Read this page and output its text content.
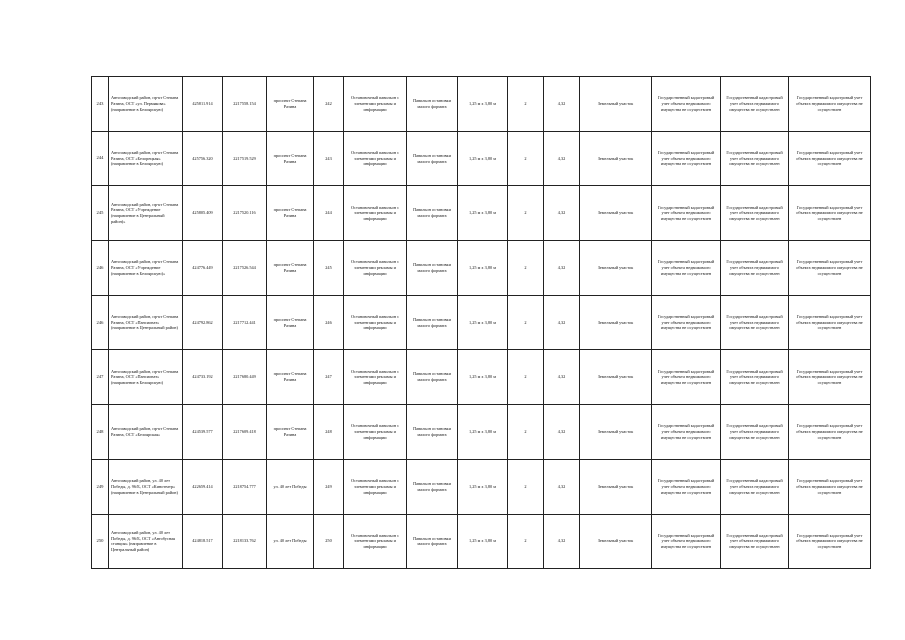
243	Автозаводский район, пр-кт Степана Разина, ОСТ «ул. Пермякова» (направление в Белоярскую)	425811.914	2217558.154	проспект Степана Разина	242	Остановочный павильон с элементами рекламы и информации	Павильон остановки малого формата	1,25 м х 3,80 м	2	4,32	Земельный участок	Государственный кадастровый учет объекта недвижимого имущества не осуществлен	Государственный кадастровый учет объекта недвижимого имущества не осуществлен	Государственный кадастровый учет объекта недвижимого имущества не осуществлен
244	Автозаводский район, пр-кт Степана Разина, ОСТ «Белорецкая» (направление в Белоярскую)	425756.320	2217519.529	проспект Степана Разина	243	Остановочный павильон с элементами рекламы и информации	Павильон остановки малого формата	1,25 м х 3,80 м	2	4,32	Земельный участок	Государственный кадастровый учет объекта недвижимого имущества не осуществлен	Государственный кадастровый учет объекта недвижимого имущества не осуществлен	Государственный кадастровый учет объекта недвижимого имущества не осуществлен
245	Автозаводский район, пр-кт Степана Разина, ОСТ «Учреждение (направление в Центральный район)»	425805.409	2217520.116	проспект Степана Разина	244	Остановочный павильон с элементами рекламы и информации	Павильон остановки малого формата	1,25 м х 3,80 м	2	4,32	Земельный участок	Государственный кадастровый учет объекта недвижимого имущества не осуществлен	Государственный кадастровый учет объекта недвижимого имущества не осуществлен	Государственный кадастровый учет объекта недвижимого имущества не осуществлен
246	Автозаводский район, пр-кт Степана Разина, ОСТ «Учреждение (направление в Белоярскую)»	424776.449	2217526.544	проспект Степана Разина	245	Остановочный павильон с элементами рекламы и информации	Павильон остановки малого формата	1,25 м х 3,80 м	2	4,32	Земельный участок	Государственный кадастровый учет объекта недвижимого имущества не осуществлен	Государственный кадастровый учет объекта недвижимого имущества не осуществлен	Государственный кадастровый учет объекта недвижимого имущества не осуществлен
246	Автозаводский район, пр-кт Степана Разина, ОСТ «Пансионат» (направление в Центральный район)	424792.862	2217712.441	проспект Степана Разина	246	Остановочный павильон с элементами рекламы и информации	Павильон остановки малого формата	1,25 м х 3,80 м	2	4,32	Земельный участок	Государственный кадастровый учет объекта недвижимого имущества не осуществлен	Государственный кадастровый учет объекта недвижимого имущества не осуществлен	Государственный кадастровый учет объекта недвижимого имущества не осуществлен
247	Автозаводский район, пр-кт Степана Разина, ОСТ «Пансионат» (направление в Белоярскую)	424733.192	2217680.449	проспект Степана Разина	247	Остановочный павильон с элементами рекламы и информации	Павильон остановки малого формата	1,25 м х 3,80 м	2	4,32	Земельный участок	Государственный кадастровый учет объекта недвижимого имущества не осуществлен	Государственный кадастровый учет объекта недвижимого имущества не осуществлен	Государственный кадастровый учет объекта недвижимого имущества не осуществлен
248	Автозаводский район, пр-кт Степана Разина, ОСТ «Белоярская»	424539.577	2217609.418	проспект Степана Разина	248	Остановочный павильон с элементами рекламы и информации	Павильон остановки малого формата	1,25 м х 3,80 м	2	4,32	Земельный участок	Государственный кадастровый учет объекта недвижимого имущества не осуществлен	Государственный кадастровый учет объекта недвижимого имущества не осуществлен	Государственный кадастровый учет объекта недвижимого имущества не осуществлен
249	Автозаводский район, ул. 40 лет Победы, д. 96/Б, ОСТ «Кинотеатр» (направление в Центральный район)	422659.414	2218754.777	ул. 40 лет Победы	249	Остановочный павильон с элементами рекламы и информации	Павильон остановки малого формата	1,25 м х 3,80 м	2	4,32	Земельный участок	Государственный кадастровый учет объекта недвижимого имущества не осуществлен	Государственный кадастровый учет объекта недвижимого имущества не осуществлен	Государственный кадастровый учет объекта недвижимого имущества не осуществлен
250	Автозаводский район, ул. 40 лет Победы, д. 96/Б, ОСТ «Автобусная станция» (направление в Центральный район)	424818.517	2218133.762	ул. 40 лет Победы	250	Остановочный павильон с элементами рекламы и информации	Павильон остановки малого формата	1,25 м х 3,80 м	2	4,32	Земельный участок	Государственный кадастровый учет объекта недвижимого имущества не осуществлен	Государственный кадастровый учет объекта недвижимого имущества не осуществлен	Государственный кадастровый учет объекта недвижимого имущества не осуществлен
